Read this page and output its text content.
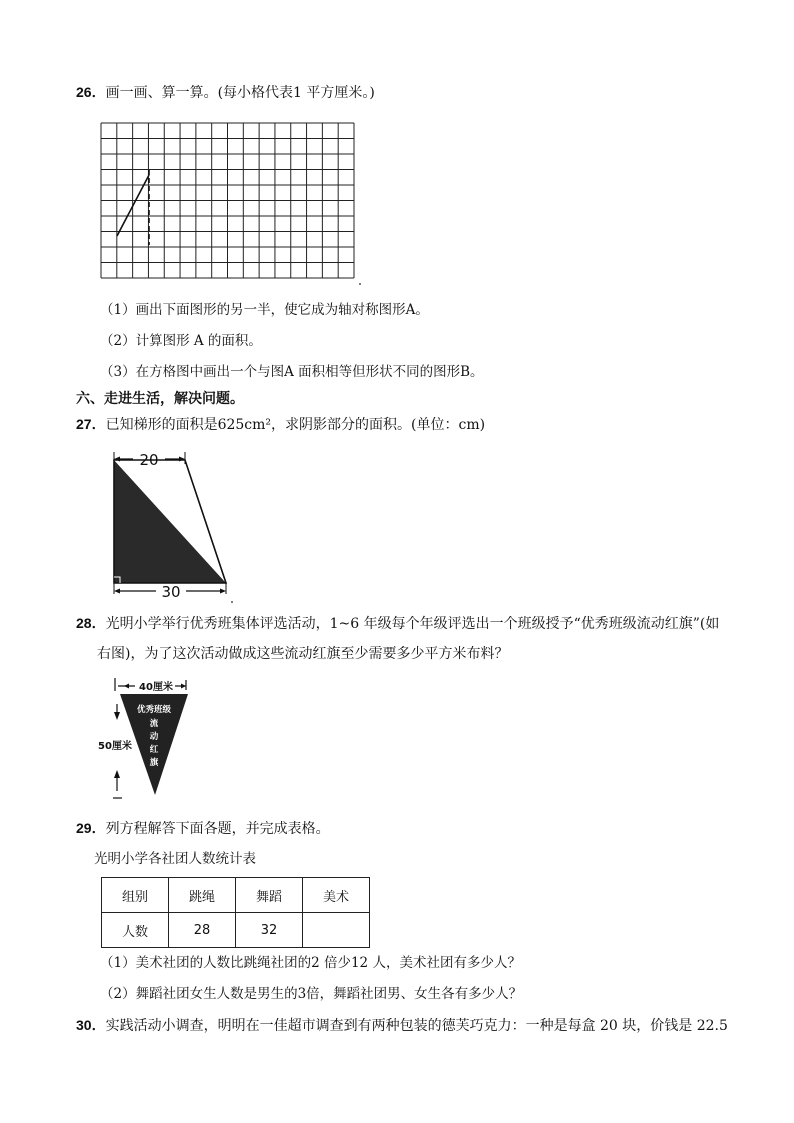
26．画一画、算一算。(每小格代表1 平方厘米。)
（1）画出下面图形的另一半，使它成为轴对称图形A。
（2）计算图形 A 的面积。
（3）在方格图中画出一个与图A 面积相等但形状不同的图形B。
六、走进生活，解决问题。
27．已知梯形的面积是625cm²，求阴影部分的面积。(单位：cm)
20
30
28．光明小学举行优秀班集体评选活动，1~6 年级每个年级评选出一个班级授予“优秀班级流动红旗”(如
右图)，为了这次活动做成这些流动红旗至少需要多少平方米布料？
40厘米
优秀班级
流
动
红
旗
50厘米
29．列方程解答下面各题，并完成表格。
光明小学各社团人数统计表
组别	跳绳	舞蹈	美术
人数	28	32	
（1）美术社团的人数比跳绳社团的2 倍少12 人，美术社团有多少人？
（2）舞蹈社团女生人数是男生的3倍，舞蹈社团男、女生各有多少人？
30．实践活动小调查，明明在一佳超市调查到有两种包装的德芙巧克力：一种是每盒 20 块，价钱是 22.5
